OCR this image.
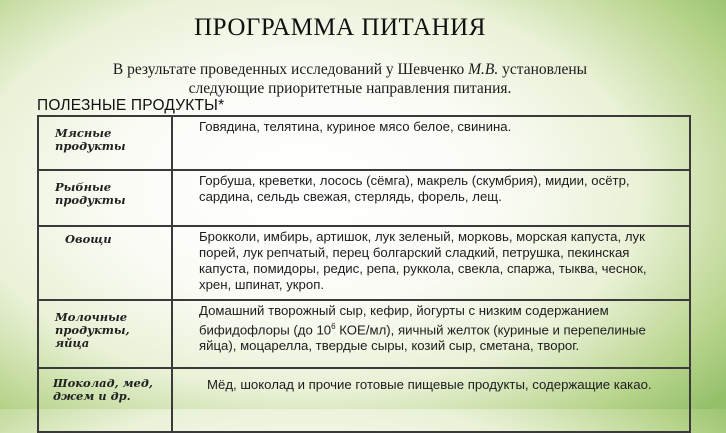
ПРОГРАММА ПИТАНИЯ
В результате проведенных исследований у Шевченко М.В. установлены
следующие приоритетные направления питания.
ПОЛЕЗНЫЕ ПРОДУКТЫ*
Мясные продукты	Говядина, телятина, куриное мясо белое, свинина.
Рыбные продукты	Горбуша, креветки, лосось (сёмга), макрель (скумбрия), мидии, осётр, сардина, сельдь свежая, стерлядь, форель, лещ.
Овощи	Брокколи, имбирь, артишок, лук зеленый, морковь, морская капуста, лук порей, лук репчатый, перец болгарский сладкий, петрушка, пекинская капуста, помидоры, редис, репа, руккола, свекла, спаржа, тыква, чеснок, хрен, шпинат, укроп.
Молочные продукты, яйца	Домашний творожный сыр, кефир, йогурты с низким содержанием бифидофлоры (до $10^6$ КОЕ/мл), яичный желток (куриные и перепелиные яйца), моцарелла, твердые сыры, козий сыр, сметана, творог.
Шоколад, мед, джем и др.	Мёд, шоколад и прочие готовые пищевые продукты, содержащие какао.
